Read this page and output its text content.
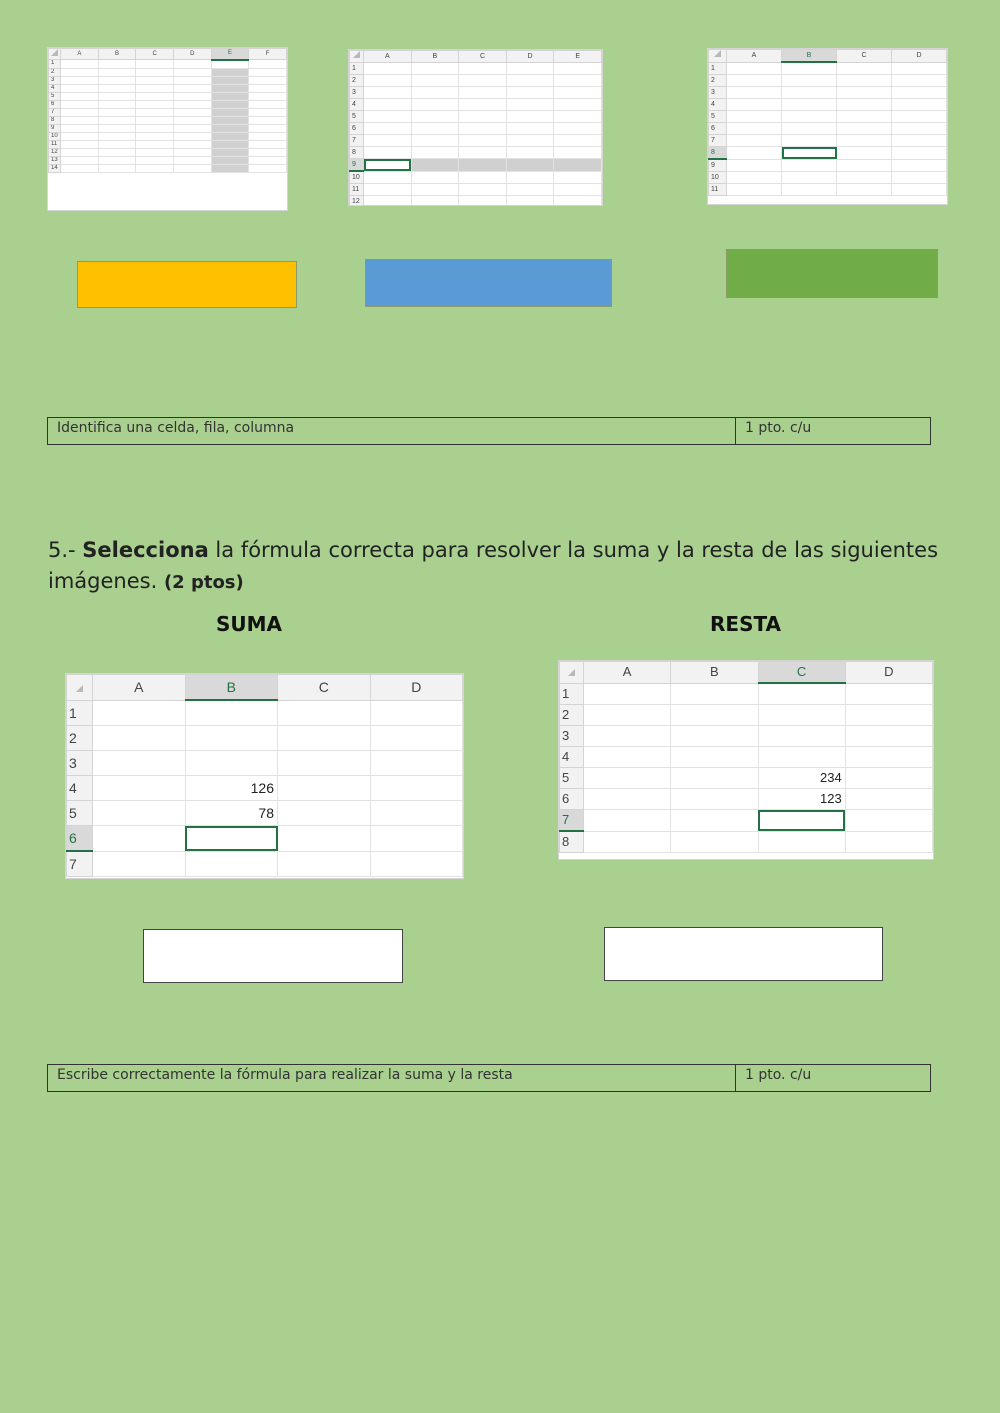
	A	B	C	D	E	F
1						
2						
3						
4						
5						
6						
7						
8						
9						
10						
11						
12						
13						
14						
	A	B	C	D	E
1					
2					
3					
4					
5					
6					
7					
8					
9					
10					
11					
12					
	A	B	C	D
1				
2				
3				
4				
5				
6				
7				
8				
9				
10				
11				
Identifica una celda, fila, columna	1 pto. c/u
5.- Selecciona la fórmula correcta para resolver la suma y la resta de las siguientes imágenes. (2 ptos)
SUMA	RESTA
	A	B	C	D
1				
2				
3				
4		126		
5		78		
6				
7				
	A	B	C	D
1				
2				
3				
4				
5			234	
6			123	
7				
8				
Escribe correctamente la fórmula para realizar la suma y la resta	1 pto. c/u
